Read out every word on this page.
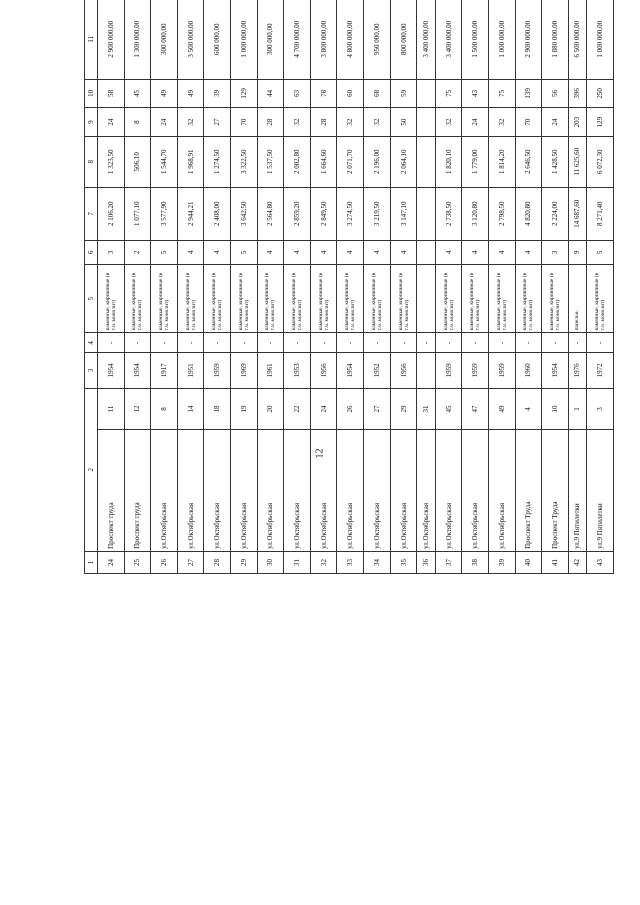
12
1	2		3	4	5	6	7	8	9	10	11					
24	Проспект труда	11	1954	-	каменные, кирпичные (в т.ч. монолит)	3	2 106,20	1 323,50	24	58	2 900 000,00					
25	Проспект труда	12	1954	-	каменные, кирпичные (в т.ч. монолит)	2	1 077,10	506,10	8	45	1 300 000,00					
26	ул.Октябрьская	8	1917	-	каменные, кирпичные (в т.ч. монолит)	5	3 577,90	1 544,70	24	49	300 000,00					
27	ул.Октябрьская	14	1951	-	каменные, кирпичные (в т.ч. монолит)	4	2 944,21	1 968,91	32	49	3 500 000,00					
28	ул.Октябрьская	18	1959	-	каменные, кирпичные (в т.ч. монолит)	4	2 408,00	1 274,50	27	39	600 000,00					
29	ул.Октябрьская	19	1969	-	каменные, кирпичные (в т.ч. монолит)	5	3 642,50	3 322,50	70	129	1 000 000,00					
30	ул.Октябрьская	20	1961	-	каменные, кирпичные (в т.ч. монолит)	4	2 564,80	1 537,50	28	44	300 000,00					
31	ул.Октябрьская	22	1953	-	каменные, кирпичные (в т.ч. монолит)	4	2 859,20	2 002,80	32	63	4 700 000,00					
32	ул.Октябрьская	24	1956	-	каменные, кирпичные (в т.ч. монолит)	4	2 849,50	1 664,60	28	78	3 800 000,00					
33	ул.Октябрьская	26	1954	-	каменные, кирпичные (в т.ч. монолит)	4	3 274,50	2 071,70	32	60	4 800 000,00					
34	ул.Октябрьская	27	1952	-	каменные, кирпичные (в т.ч. монолит)	4	3 219,50	2 196,00	32	68	950 000,00					
35	ул.Октябрьская	29	1956	-	каменные, кирпичные (в т.ч. монолит)	4	3 147,10	2 064,10	50	59	800 000,00					
36	ул.Октябрьская	31		-							3 400 000,00					
37	ул.Октябрьская	45	1959	-	каменные, кирпичные (в т.ч. монолит)	4	2 738,50	1 820,10	32	75	3 400 000,00					
38	ул.Октябрьская	47	1959	-	каменные, кирпичные (в т.ч. монолит)	4	3 120,80	1 779,00	24	43	1 500 000,00					
39	ул.Октябрьская	49	1959	-	каменные, кирпичные (в т.ч. монолит)	4	2 798,50	1 814,20	32	75	1 000 000,00					
40	Проспект Труда	4	1960	-	каменные, кирпичные (в т.ч. монолит)	4	4 820,80	2 646,50	70	139	2 900 000,00					
41	Проспект Труда	10	1954	-	каменные, кирпичные (в т.ч. монолит)	3	2 224,00	1 428,50	24	56	1 880 000,00					
42	ул.9 Пятилетки	1	1976	-	панельн.	9	14 687,60	11 625,60	203	396	6 500 000,00					
43	ул.9 Пятилетки	3	1972	-	каменные, кирпичные (в т.ч. монолит)	5	8 271,40	6 072,30	129	250	1 000 000,00					
